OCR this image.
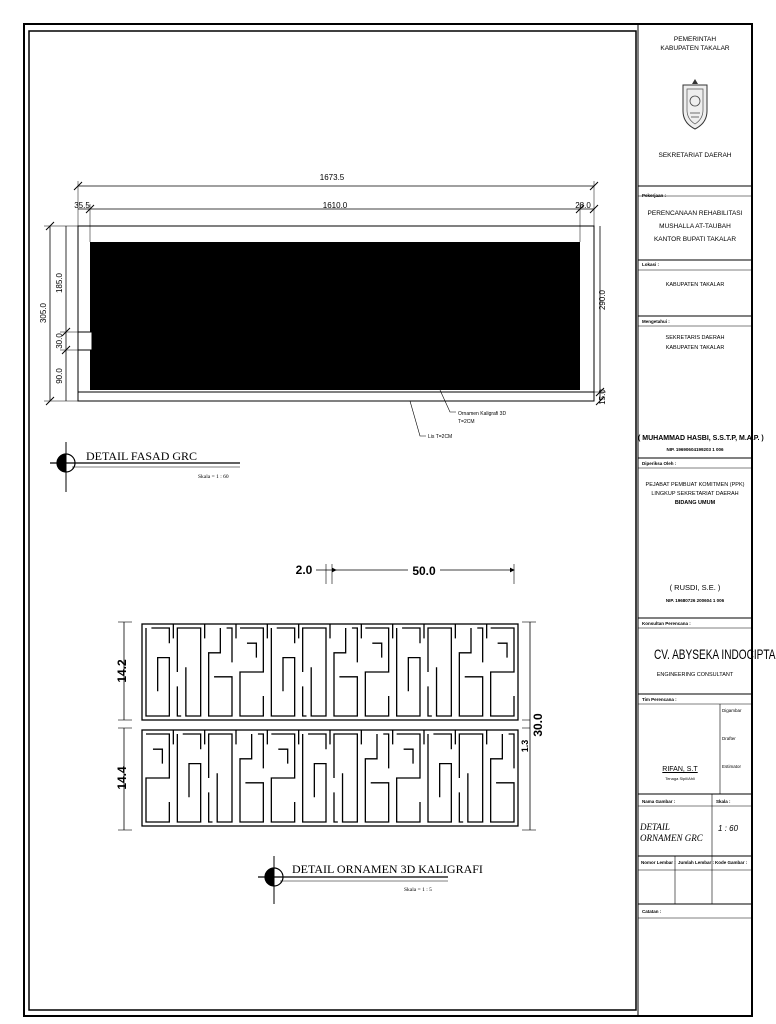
1673.5
35.5	1610.0	28.0
305.0
185.0
30.0
90.0
290.0
15.0
Ornamen Kaligrafi 3D
T=2CM
Lis T=2CM
DETAIL FASAD GRC
Skala = 1 : 60
2.0	50.0
14.2
14.4
30.0
1.3
DETAIL ORNAMEN 3D KALIGRAFI
Skala = 1 : 5
PEMERINTAH
KABUPATEN TAKALAR
SEKRETARIAT DAERAH
Pekerjaan :
PERENCANAAN REHABILITASI
MUSHALLA AT-TAUBAH
KANTOR BUPATI TAKALAR
Lokasi :
KABUPATEN TAKALAR
Mengetahui :
SEKRETARIS DAERAH
KABUPATEN TAKALAR
( MUHAMMAD HASBI, S.S.T.P, M.A.P. )
NIP. 19690604199203 1 006
Diperiksa Oleh :
PEJABAT PEMBUAT KOMITMEN (PPK)
LINGKUP SEKRETARIAT DAERAH
BIDANG UMUM
( RUSDI, S.E. )
NIP. 19680726 200604 1 006
Konsultan Perencana :
CV. ABYSEKA INDOCIPTA
ENGINEERING CONSULTANT
Tim Perencana :
Digambar
Drafter
Estimator
RIFAN, S.T
Tenaga Sipil/Ahli
Nama Gambar :	Skala :
DETAIL ORNAMEN GRC
1 : 60
Nomor Lembar : Jumlah Lembar : Kode Gambar :
Catatan :
